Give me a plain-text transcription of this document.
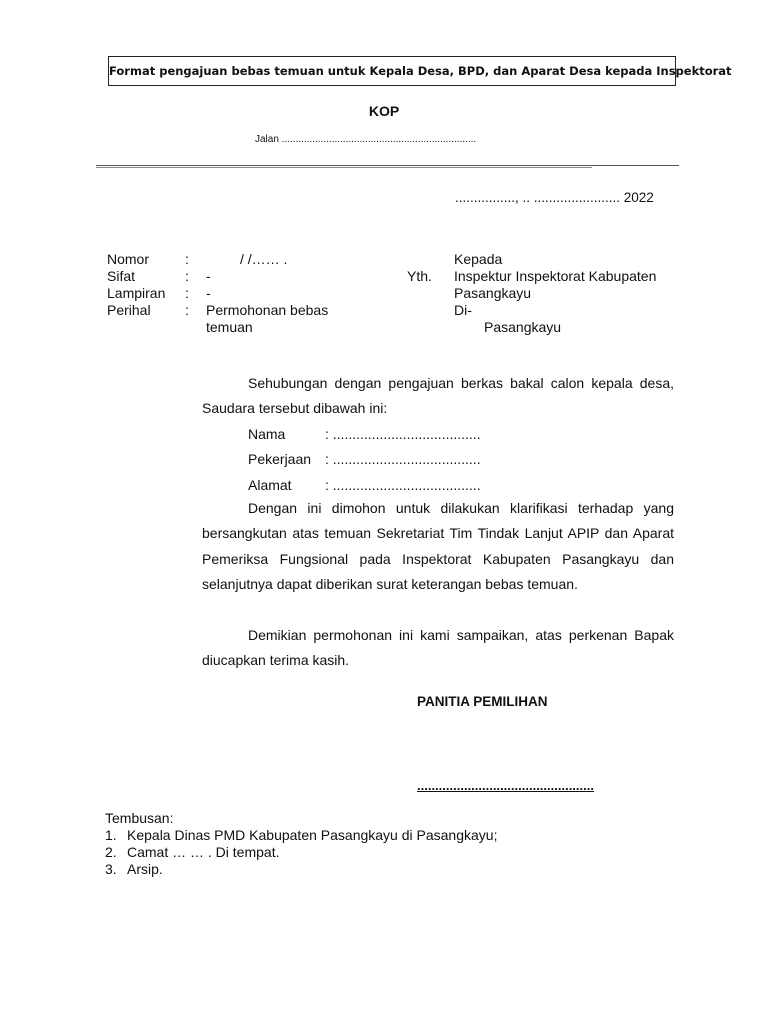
Format pengajuan bebas temuan untuk Kepala Desa, BPD, dan Aparat Desa kepada Inspektorat
KOP
Jalan ......................................................................
................, .. ....................... 2022
Nomor	:	/ /…… .
Sifat	: -
Lampiran : -
Perihal : Permohonan bebas
temuan
Yth.
Kepada
Inspektur Inspektorat Kabupaten
Pasangkayu
Di-
Pasangkayu
Sehubungan dengan pengajuan berkas bakal calon kepala desa, Saudara tersebut dibawah ini:
Nama	: ......................................
Pekerjaan : ......................................
Alamat : ......................................
Dengan ini dimohon untuk dilakukan klarifikasi terhadap yang bersangkutan atas temuan Sekretariat Tim Tindak Lanjut APIP dan Aparat Pemeriksa Fungsional pada Inspektorat Kabupaten Pasangkayu dan selanjutnya dapat diberikan surat keterangan bebas temuan.
Demikian permohonan ini kami sampaikan, atas perkenan Bapak diucapkan terima kasih.
PANITIA PEMILIHAN
.................................................
Tembusan:
1. Kepala Dinas PMD Kabupaten Pasangkayu di Pasangkayu;
2. Camat … … . Di tempat.
3. Arsip.
